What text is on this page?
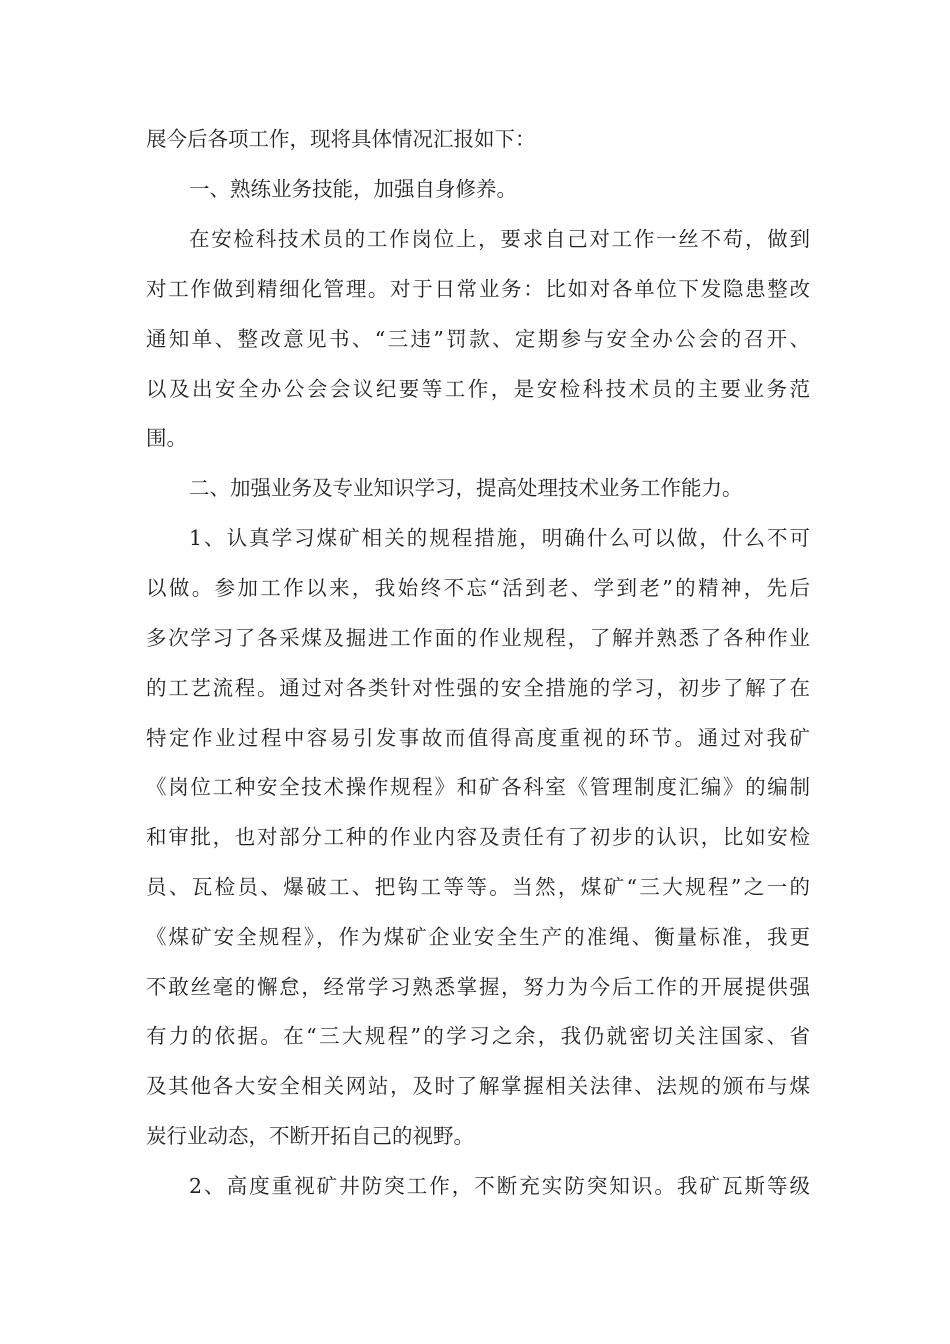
展今后各项工作，现将具体情况汇报如下：
一、熟练业务技能，加强自身修养。
在安检科技术员的工作岗位上，要求自己对工作一丝不苟，做到
对工作做到精细化管理。对于日常业务：比如对各单位下发隐患整改
通知单、整改意见书、“三违”罚款、定期参与安全办公会的召开、
以及出安全办公会会议纪要等工作，是安检科技术员的主要业务范
围。
二、加强业务及专业知识学习，提高处理技术业务工作能力。
1、认真学习煤矿相关的规程措施，明确什么可以做，什么不可
以做。参加工作以来，我始终不忘“活到老、学到老”的精神，先后
多次学习了各采煤及掘进工作面的作业规程，了解并熟悉了各种作业
的工艺流程。通过对各类针对性强的安全措施的学习，初步了解了在
特定作业过程中容易引发事故而值得高度重视的环节。通过对我矿
《岗位工种安全技术操作规程》和矿各科室《管理制度汇编》的编制
和审批，也对部分工种的作业内容及责任有了初步的认识，比如安检
员、瓦检员、爆破工、把钩工等等。当然，煤矿“三大规程”之一的
《煤矿安全规程》，作为煤矿企业安全生产的准绳、衡量标准，我更
不敢丝毫的懈怠，经常学习熟悉掌握，努力为今后工作的开展提供强
有力的依据。在“三大规程”的学习之余，我仍就密切关注国家、省
及其他各大安全相关网站，及时了解掌握相关法律、法规的颁布与煤
炭行业动态，不断开拓自己的视野。
2、高度重视矿井防突工作，不断充实防突知识。我矿瓦斯等级
